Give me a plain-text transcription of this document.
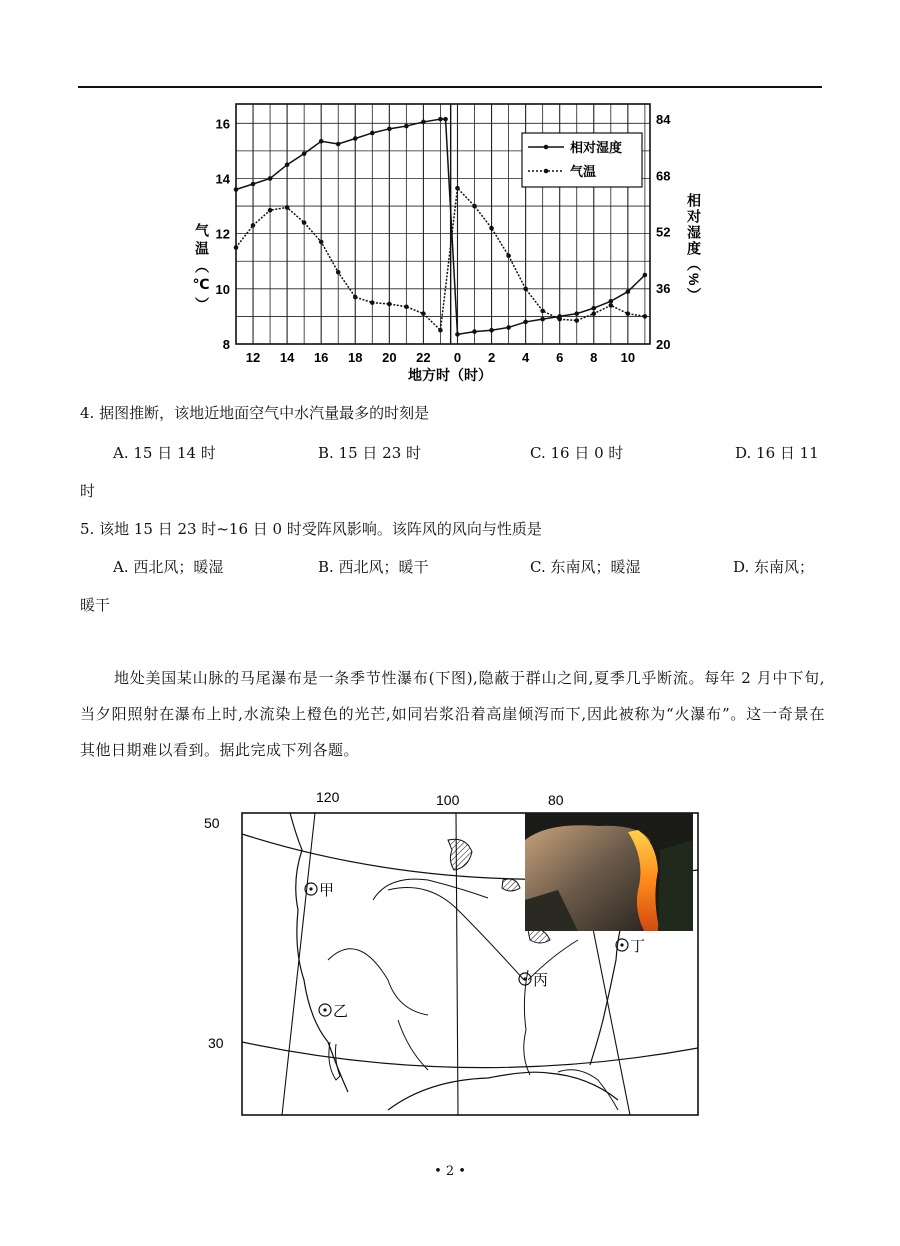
8
10
12
14
16
20
36
52
68
84
12 14 16 18 20 22 0 2 4 6 8 10
气温（℃）	相对湿度（%）
地方时（时）
相对湿度
气温
4. 据图推断，该地近地面空气中水汽量最多的时刻是
A. 15 日 14 时	B. 15 日 23 时	C. 16 日 0 时	D. 16 日 11
时
5. 该地 15 日 23 时~16 日 0 时受阵风影响。该阵风的风向与性质是
A. 西北风；暖湿	B. 西北风；暖干	C. 东南风；暖湿	D. 东南风；
暖干
地处美国某山脉的马尾瀑布是一条季节性瀑布(下图),隐蔽于群山之间,夏季几乎断流。每年 2 月中下旬,当夕阳照射在瀑布上时,水流染上橙色的光芒,如同岩浆沿着高崖倾泻而下,因此被称为“火瀑布”。这一奇景在其他日期难以看到。据此完成下列各题。
120	100	80
50
30
甲
乙
丙
丁
• 2 •
